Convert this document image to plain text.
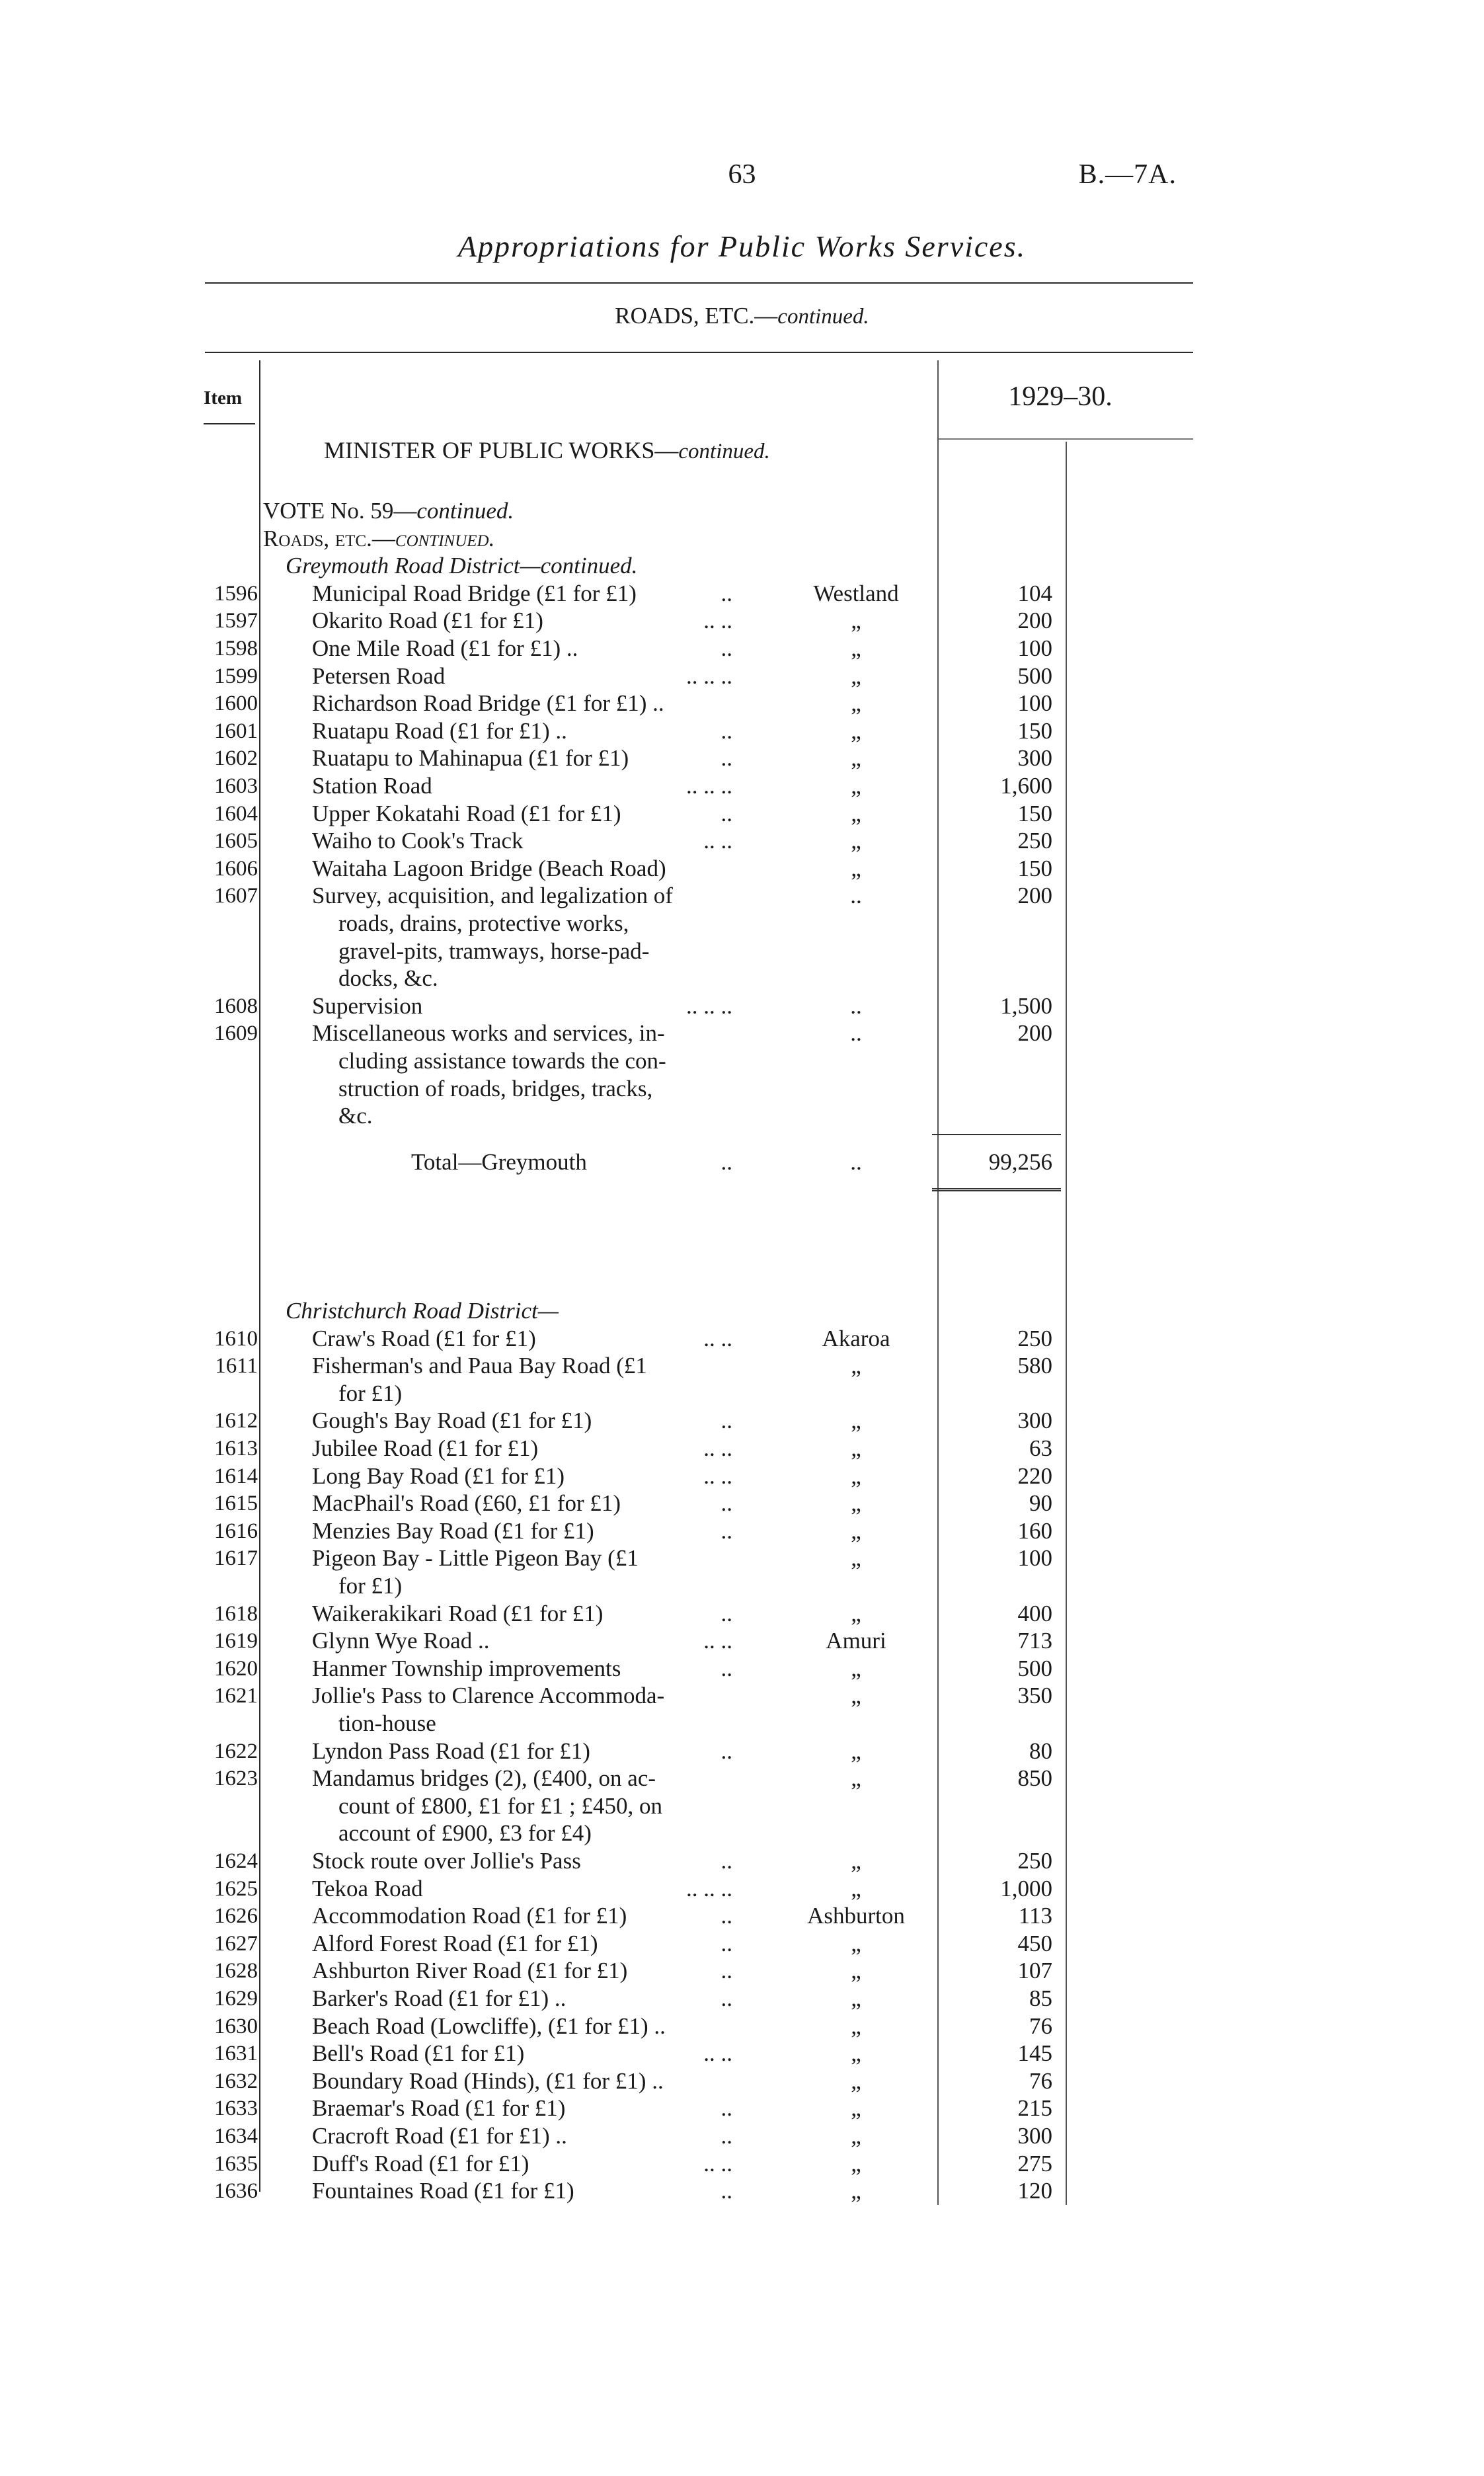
63	B.—7A.
Appropriations for Public Works Services.
ROADS, ETC.—continued.
Item	1929–30.
MINISTER OF PUBLIC WORKS—continued.
VOTE No. 59—continued.
Roads, etc.—continued.
Greymouth Road District—continued.
1596 Municipal Road Bridge (£1 for £1)	..	Westland	104
1597 Okarito Road (£1 for £1)	.. ..	„	200
1598 One Mile Road (£1 for £1) ..	..	„	100
1599 Petersen Road	.. .. ..	„	500
1600 Richardson Road Bridge (£1 for £1) ..	„	100
1601 Ruatapu Road (£1 for £1) ..	..	„	150
1602 Ruatapu to Mahinapua (£1 for £1)	..	„	300
1603 Station Road	.. .. ..	„	1,600
1604 Upper Kokatahi Road (£1 for £1)	..	„	150
1605 Waiho to Cook's Track	.. ..	„	250
1606 Waitaha Lagoon Bridge (Beach Road)	„	150
1607 Survey, acquisition, and legalization of
roads, drains, protective works,
gravel-pits, tramways, horse-pad-
docks, &c.
..	200
1608 Supervision	.. .. ..	..	1,500
1609 Miscellaneous works and services, in-
cluding assistance towards the con-
struction of roads, bridges, tracks,
&c.
..	200
Total—Greymouth	..	..	99,256
Christchurch Road District—
1610 Craw's Road (£1 for £1)	.. ..	Akaroa	250
1611 Fisherman's and Paua Bay Road (£1
for £1)
„	580
1612 Gough's Bay Road (£1 for £1)	..	„	300
1613 Jubilee Road (£1 for £1)	.. ..	„	63
1614 Long Bay Road (£1 for £1)	.. ..	„	220
1615 MacPhail's Road (£60, £1 for £1)	..	„	90
1616 Menzies Bay Road (£1 for £1)	..	„	160
1617 Pigeon Bay - Little Pigeon Bay (£1
for £1)
„	100
1618 Waikerakikari Road (£1 for £1)	..	„	400
1619 Glynn Wye Road ..	.. ..	Amuri	713
1620 Hanmer Township improvements	..	„	500
1621 Jollie's Pass to Clarence Accommoda-
tion-house
„	350
1622 Lyndon Pass Road (£1 for £1)	..	„	80
1623 Mandamus bridges (2), (£400, on ac-
count of £800, £1 for £1 ; £450, on
account of £900, £3 for £4)
„	850
1624 Stock route over Jollie's Pass	..	„	250
1625 Tekoa Road	.. .. ..	„	1,000
1626 Accommodation Road (£1 for £1)	..	Ashburton	113
1627 Alford Forest Road (£1 for £1)	..	„	450
1628 Ashburton River Road (£1 for £1)	..	„	107
1629 Barker's Road (£1 for £1) ..	..	„	85
1630 Beach Road (Lowcliffe), (£1 for £1) ..	„	76
1631 Bell's Road (£1 for £1)	.. ..	„	145
1632 Boundary Road (Hinds), (£1 for £1) ..	„	76
1633 Braemar's Road (£1 for £1)	..	„	215
1634 Cracroft Road (£1 for £1) ..	..	„	300
1635 Duff's Road (£1 for £1)	.. ..	„	275
1636 Fountaines Road (£1 for £1)	..	„	120
